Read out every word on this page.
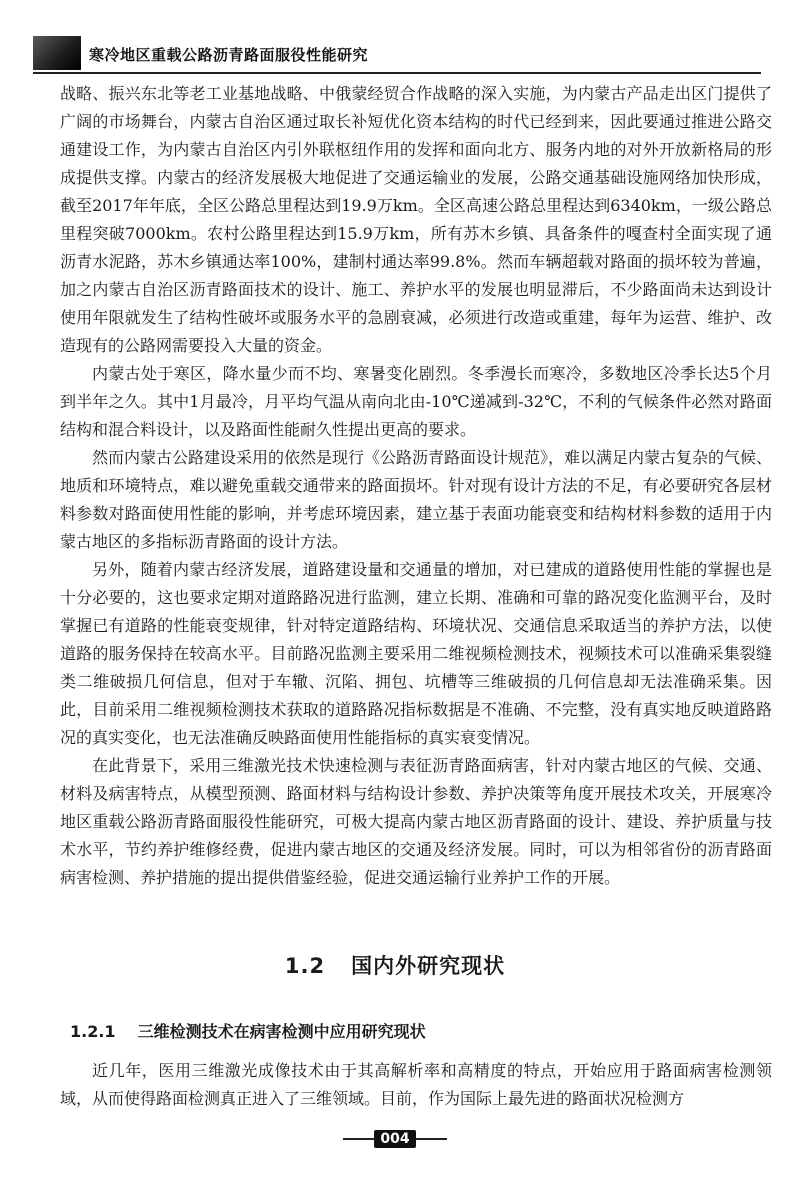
寒冷地区重载公路沥青路面服役性能研究

战略、振兴东北等老工业基地战略、中俄蒙经贸合作战略的深入实施，为内蒙古产品走出区门提供了广阔的市场舞台，内蒙古自治区通过取长补短优化资本结构的时代已经到来，因此要通过推进公路交通建设工作，为内蒙古自治区内引外联枢纽作用的发挥和面向北方、服务内地的对外开放新格局的形成提供支撑。内蒙古的经济发展极大地促进了交通运输业的发展，公路交通基础设施网络加快形成，截至2017年年底，全区公路总里程达到19.9万km。全区高速公路总里程达到6340km，一级公路总里程突破7000km。农村公路里程达到15.9万km，所有苏木乡镇、具备条件的嘎查村全面实现了通沥青水泥路，苏木乡镇通达率100%，建制村通达率99.8%。然而车辆超载对路面的损坏较为普遍，加之内蒙古自治区沥青路面技术的设计、施工、养护水平的发展也明显滞后，不少路面尚未达到设计使用年限就发生了结构性破坏或服务水平的急剧衰减，必须进行改造或重建，每年为运营、维护、改造现有的公路网需要投入大量的资金。

内蒙古处于寒区，降水量少而不均、寒暑变化剧烈。冬季漫长而寒冷，多数地区冷季长达5个月到半年之久。其中1月最冷，月平均气温从南向北由-10℃递减到-32℃，不利的气候条件必然对路面结构和混合料设计，以及路面性能耐久性提出更高的要求。

然而内蒙古公路建设采用的依然是现行《公路沥青路面设计规范》，难以满足内蒙古复杂的气候、地质和环境特点，难以避免重载交通带来的路面损坏。针对现有设计方法的不足，有必要研究各层材料参数对路面使用性能的影响，并考虑环境因素，建立基于表面功能衰变和结构材料参数的适用于内蒙古地区的多指标沥青路面的设计方法。

另外，随着内蒙古经济发展，道路建设量和交通量的增加，对已建成的道路使用性能的掌握也是十分必要的，这也要求定期对道路路况进行监测，建立长期、准确和可靠的路况变化监测平台，及时掌握已有道路的性能衰变规律，针对特定道路结构、环境状况、交通信息采取适当的养护方法，以使道路的服务保持在较高水平。目前路况监测主要采用二维视频检测技术，视频技术可以准确采集裂缝类二维破损几何信息，但对于车辙、沉陷、拥包、坑槽等三维破损的几何信息却无法准确采集。因此，目前采用二维视频检测技术获取的道路路况指标数据是不准确、不完整，没有真实地反映道路路况的真实变化，也无法准确反映路面使用性能指标的真实衰变情况。

在此背景下，采用三维激光技术快速检测与表征沥青路面病害，针对内蒙古地区的气候、交通、材料及病害特点，从模型预测、路面材料与结构设计参数、养护决策等角度开展技术攻关，开展寒冷地区重载公路沥青路面服役性能研究，可极大提高内蒙古地区沥青路面的设计、建设、养护质量与技术水平，节约养护维修经费，促进内蒙古地区的交通及经济发展。同时，可以为相邻省份的沥青路面病害检测、养护措施的提出提供借鉴经验，促进交通运输行业养护工作的开展。

1.2 国内外研究现状
1.2.1 三维检测技术在病害检测中应用研究现状

近几年，医用三维激光成像技术由于其高解析率和高精度的特点，开始应用于路面病害检测领域，从而使得路面检测真正进入了三维领域。目前，作为国际上最先进的路面状况检测方

004
